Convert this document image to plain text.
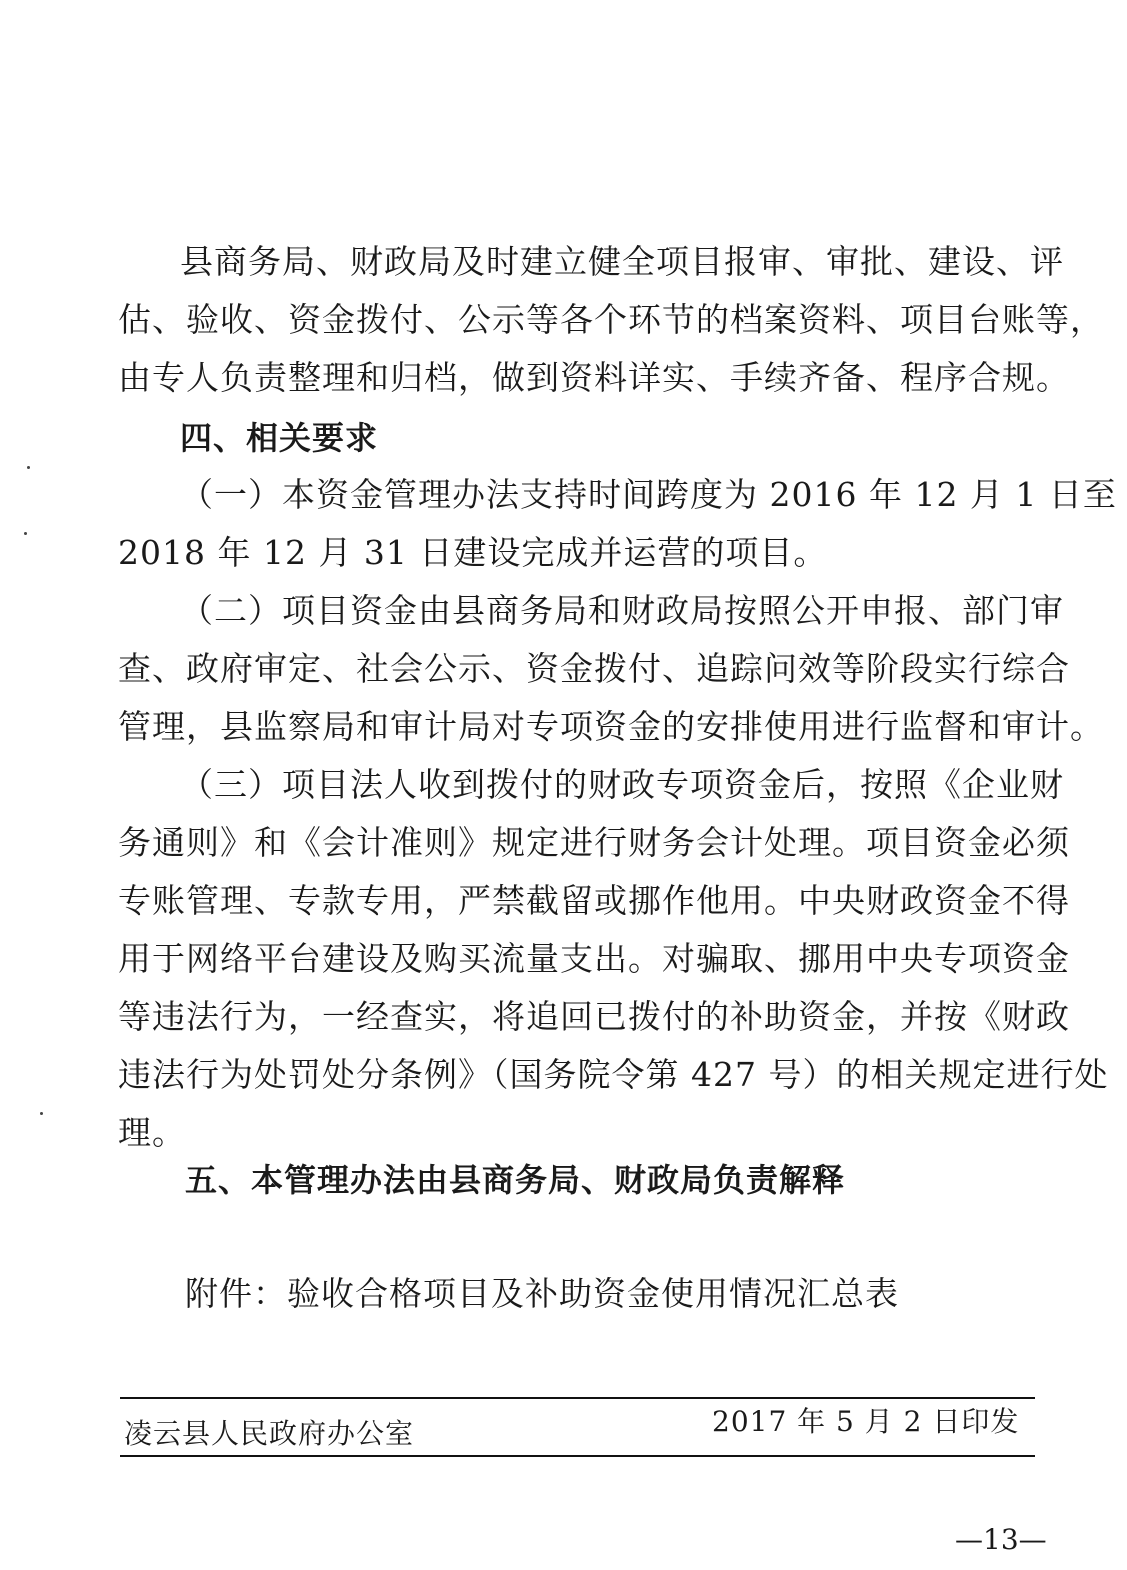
县商务局、财政局及时建立健全项目报审、审批、建设、评
估、验收、资金拨付、公示等各个环节的档案资料、项目台账等，
由专人负责整理和归档，做到资料详实、手续齐备、程序合规。
四、相关要求
（一）本资金管理办法支持时间跨度为 2016 年 12 月 1 日至
2018 年 12 月 31 日建设完成并运营的项目。
（二）项目资金由县商务局和财政局按照公开申报、部门审
查、政府审定、社会公示、资金拨付、追踪问效等阶段实行综合
管理，县监察局和审计局对专项资金的安排使用进行监督和审计。
（三）项目法人收到拨付的财政专项资金后，按照《企业财
务通则》和《会计准则》规定进行财务会计处理。项目资金必须
专账管理、专款专用，严禁截留或挪作他用。中央财政资金不得
用于网络平台建设及购买流量支出。对骗取、挪用中央专项资金
等违法行为，一经查实，将追回已拨付的补助资金，并按《财政
违法行为处罚处分条例》（国务院令第 427 号）的相关规定进行处
理。
五、本管理办法由县商务局、财政局负责解释
附件：验收合格项目及补助资金使用情况汇总表
凌云县人民政府办公室	2017 年 5 月 2 日印发
—13—
